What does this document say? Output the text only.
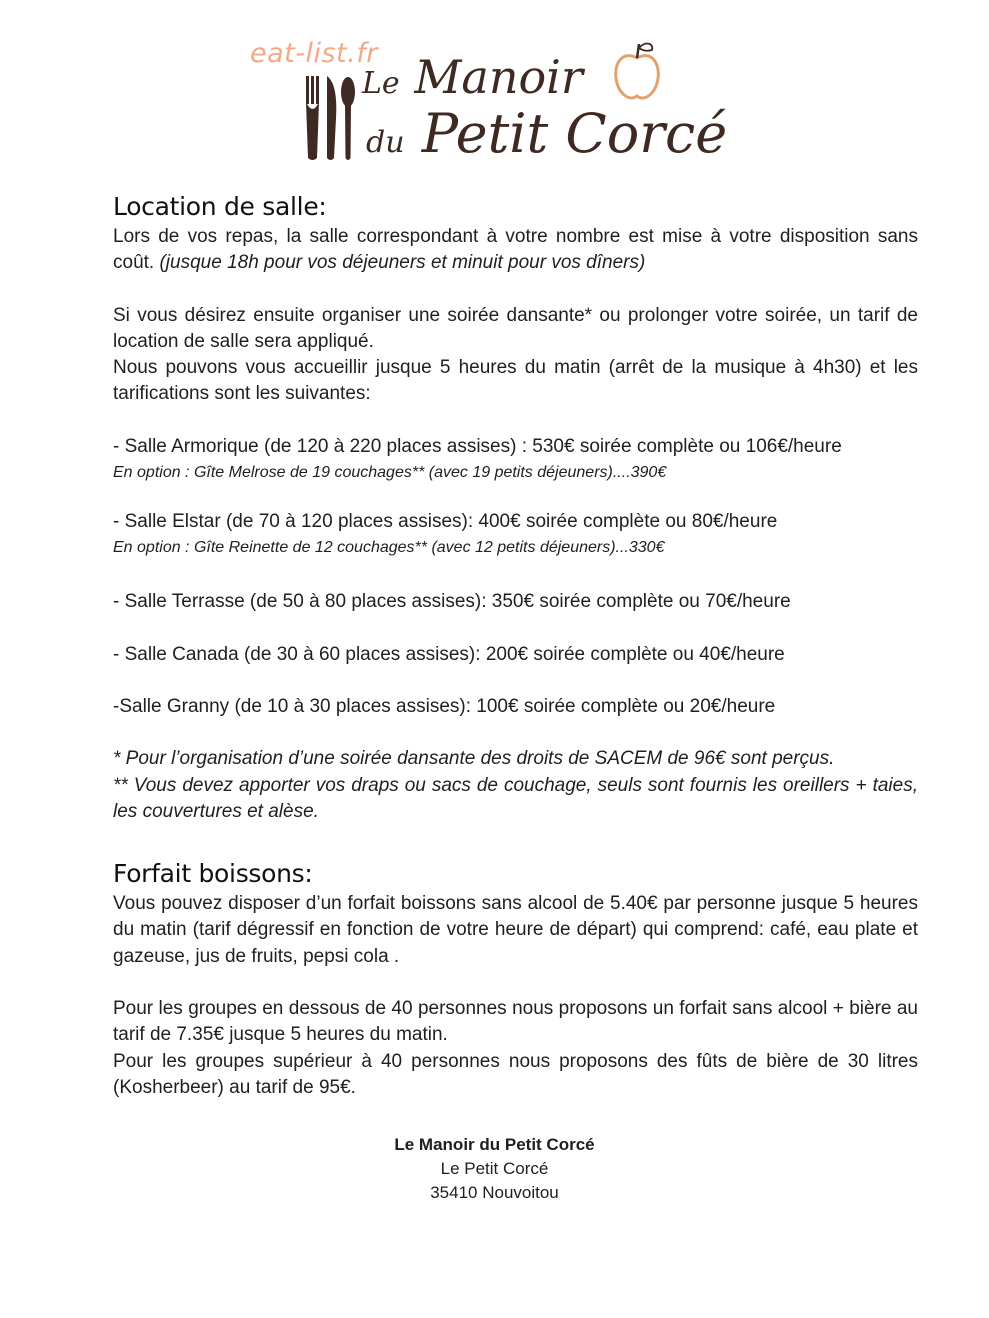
eat-list.fr
Le Manoir
du Petit Corcé
Location de salle:

Lors de vos repas, la salle correspondant à votre nombre est mise à votre disposition sans coût. (jusque 18h pour vos déjeuners et minuit pour vos dîners)

Si vous désirez ensuite organiser une soirée dansante* ou prolonger votre soirée, un tarif de location de salle sera appliqué.

Nous pouvons vous accueillir jusque 5 heures du matin (arrêt de la musique à 4h30) et les tarifications sont les suivantes:

- Salle Armorique (de 120 à 220 places assises) : 530€ soirée complète ou 106€/heure

En option : Gîte Melrose de 19 couchages** (avec 19 petits déjeuners)....390€

- Salle Elstar (de 70 à 120 places assises): 400€ soirée complète ou 80€/heure

En option : Gîte Reinette de 12 couchages** (avec 12 petits déjeuners)...330€

- Salle Terrasse (de 50 à 80 places assises): 350€ soirée complète ou 70€/heure

- Salle Canada (de 30 à 60 places assises): 200€ soirée complète ou 40€/heure

-Salle Granny (de 10 à 30 places assises): 100€ soirée complète ou 20€/heure

* Pour l’organisation d’une soirée dansante des droits de SACEM de 96€ sont perçus.

** Vous devez apporter vos draps ou sacs de couchage, seuls sont fournis les oreillers + taies, les couvertures et alèse.

Forfait boissons:

Vous pouvez disposer d’un forfait boissons sans alcool de 5.40€ par personne jusque 5 heures du matin (tarif dégressif en fonction de votre heure de départ) qui comprend: café, eau plate et gazeuse, jus de fruits, pepsi cola .

Pour les groupes en dessous de 40 personnes nous proposons un forfait sans alcool + bière au tarif de 7.35€ jusque 5 heures du matin.

Pour les groupes supérieur à 40 personnes nous proposons des fûts de bière de 30 litres (Kosherbeer) au tarif de 95€.

Le Manoir du Petit Corcé
Le Petit Corcé
35410 Nouvoitou
